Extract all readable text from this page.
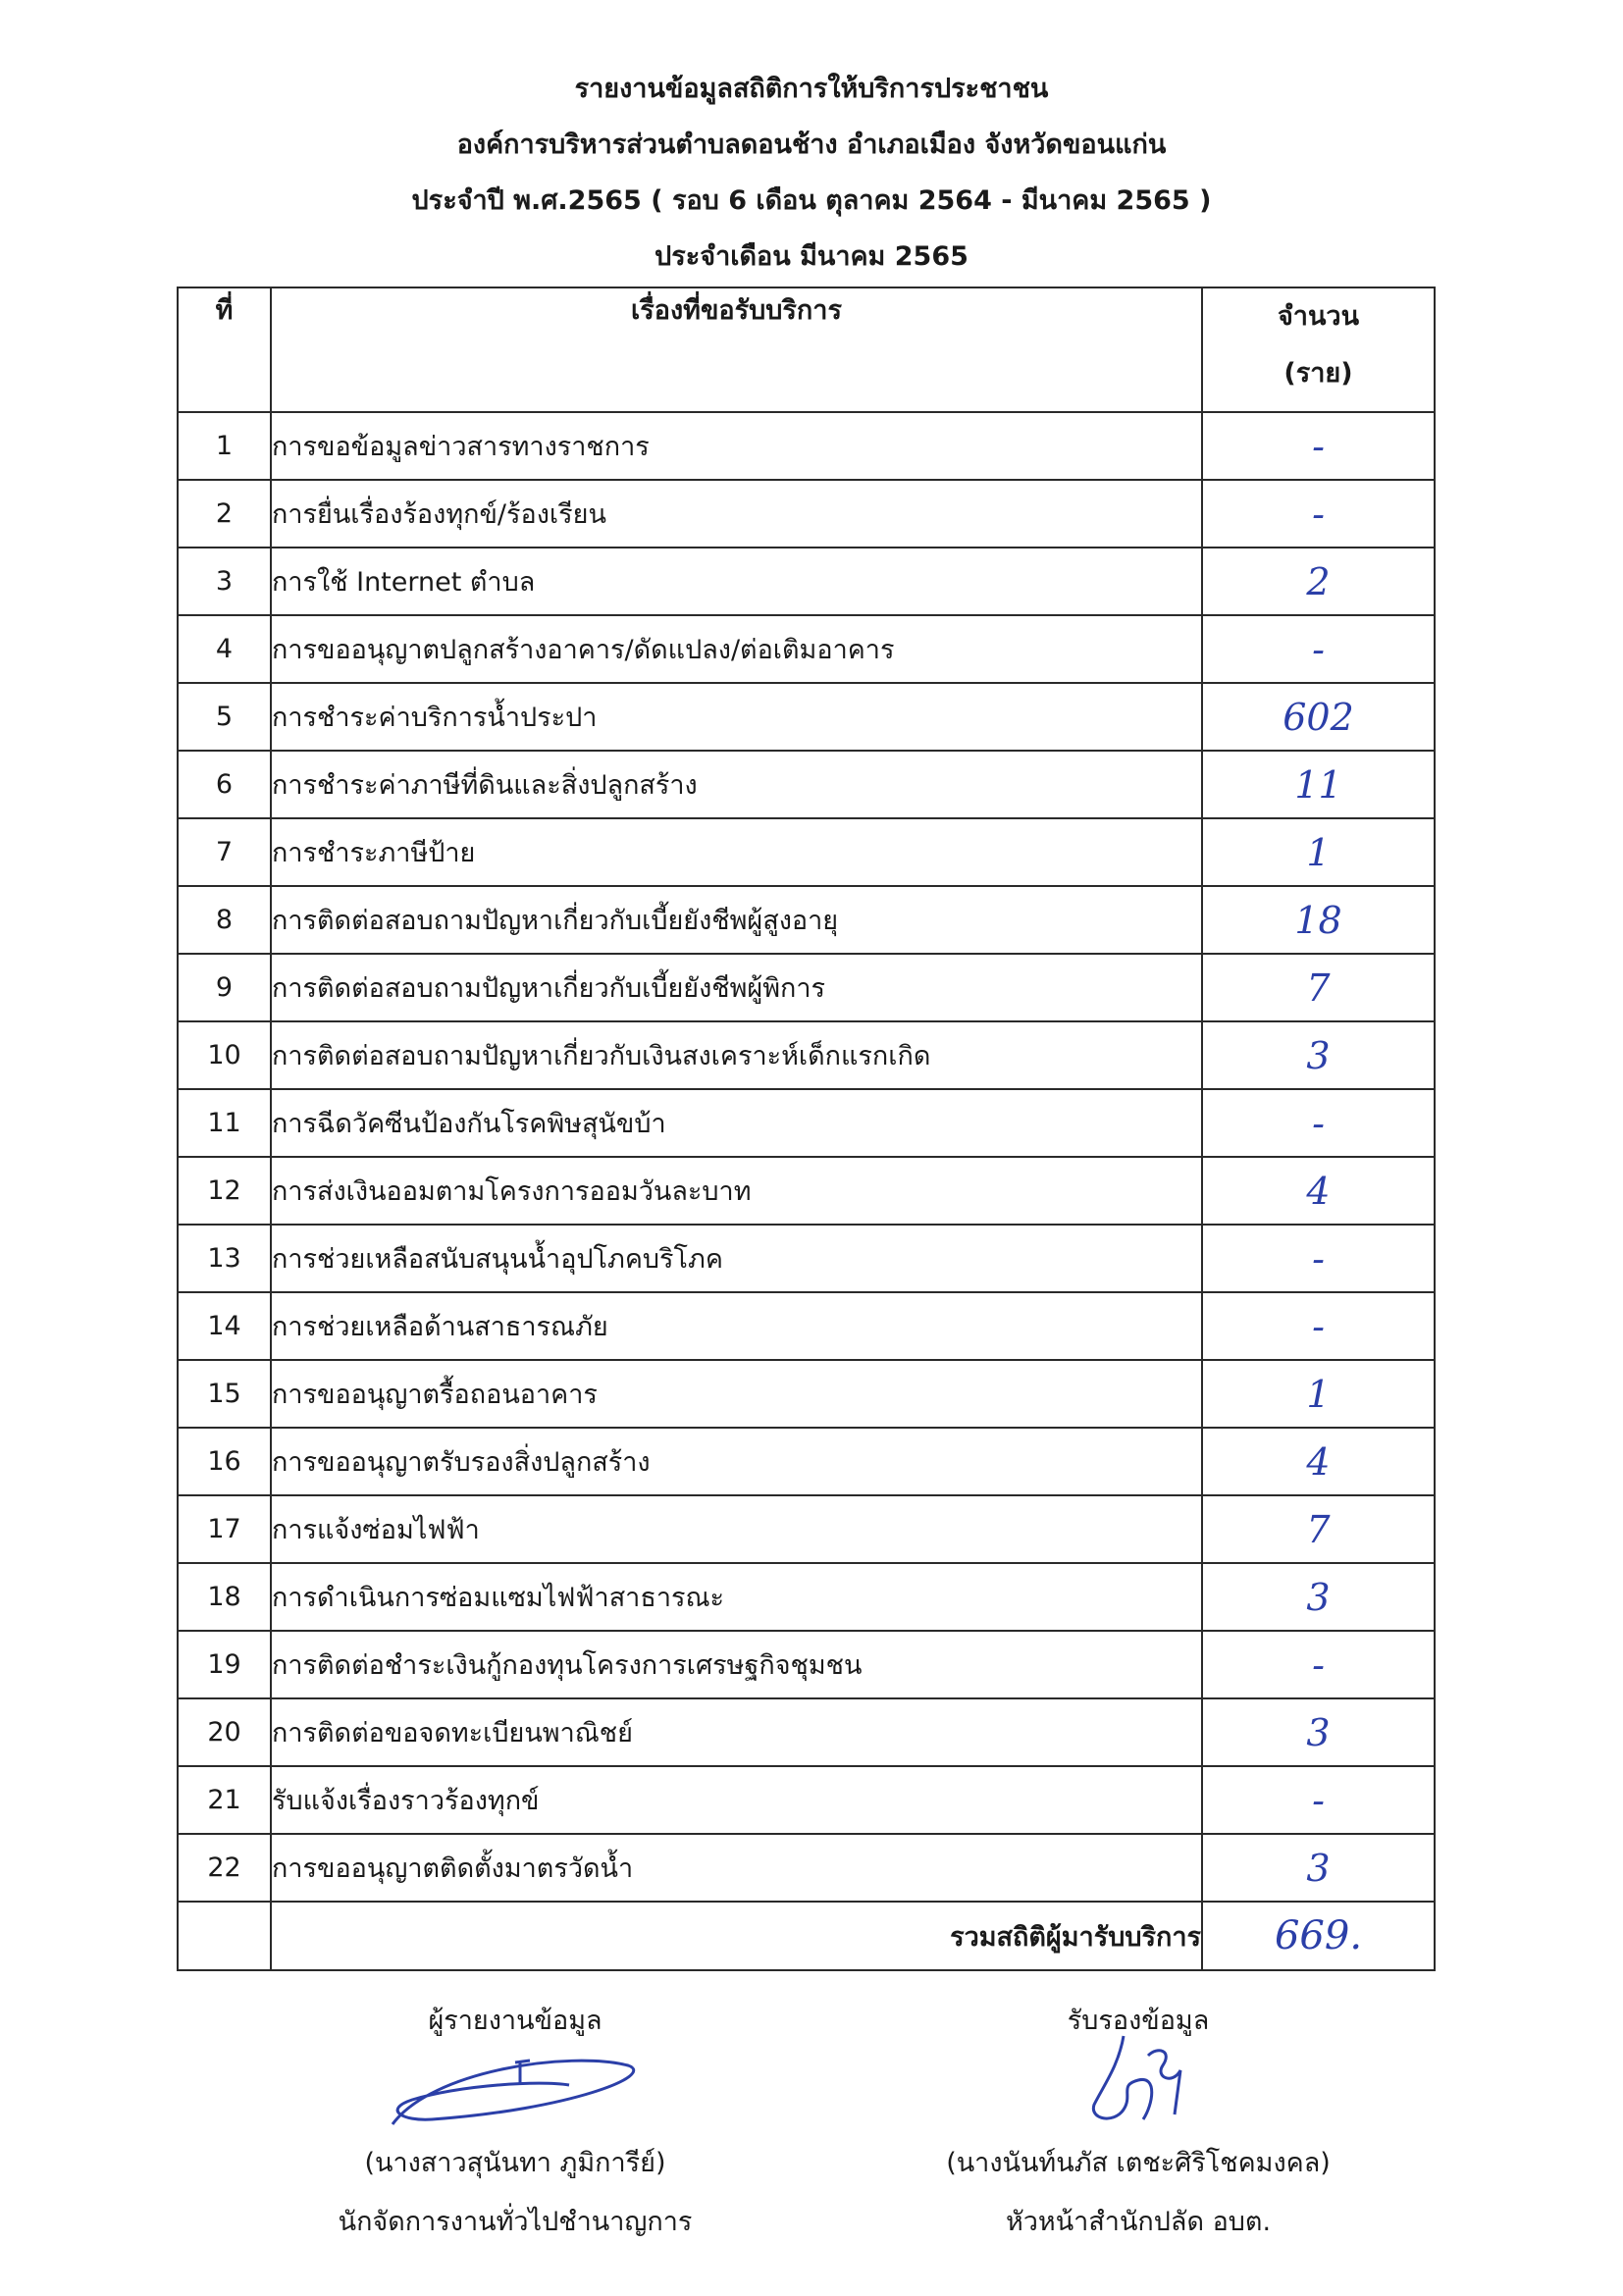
รายงานข้อมูลสถิติการให้บริการประชาชน
องค์การบริหารส่วนตำบลดอนช้าง อำเภอเมือง จังหวัดขอนแก่น
ประจำปี พ.ศ.2565 ( รอบ 6 เดือน ตุลาคม 2564 - มีนาคม 2565 )
ประจำเดือน มีนาคม 2565
ที่	เรื่องที่ขอรับบริการ	จำนวน
(ราย)

1	การขอข้อมูลข่าวสารทางราชการ	-
2	การยื่นเรื่องร้องทุกข์/ร้องเรียน	-
3	การใช้ Internet ตำบล	2
4	การขออนุญาตปลูกสร้างอาคาร/ดัดแปลง/ต่อเติมอาคาร	-
5	การชำระค่าบริการน้ำประปา	602
6	การชำระค่าภาษีที่ดินและสิ่งปลูกสร้าง	11
7	การชำระภาษีป้าย	1
8	การติดต่อสอบถามปัญหาเกี่ยวกับเบี้ยยังชีพผู้สูงอายุ	18
9	การติดต่อสอบถามปัญหาเกี่ยวกับเบี้ยยังชีพผู้พิการ	7
10	การติดต่อสอบถามปัญหาเกี่ยวกับเงินสงเคราะห์เด็กแรกเกิด	3
11	การฉีดวัคซีนป้องกันโรคพิษสุนัขบ้า	-
12	การส่งเงินออมตามโครงการออมวันละบาท	4
13	การช่วยเหลือสนับสนุนน้ำอุปโภคบริโภค	-
14	การช่วยเหลือด้านสาธารณภัย	-
15	การขออนุญาตรื้อถอนอาคาร	1
16	การขออนุญาตรับรองสิ่งปลูกสร้าง	4
17	การแจ้งซ่อมไฟฟ้า	7
18	การดำเนินการซ่อมแซมไฟฟ้าสาธารณะ	3
19	การติดต่อชำระเงินกู้กองทุนโครงการเศรษฐกิจชุมชน	-
20	การติดต่อขอจดทะเบียนพาณิชย์	3
21	รับแจ้งเรื่องราวร้องทุกข์	-
22	การขออนุญาตติดตั้งมาตรวัดน้ำ	3
	รวมสถิติผู้มารับบริการ	669.
ผู้รายงานข้อมูล
(นางสาวสุนันทา ภูมิการีย์)
นักจัดการงานทั่วไปชำนาญการ
รับรองข้อมูล
(นางนันท์นภัส เตชะศิริโชคมงคล)
หัวหน้าสำนักปลัด อบต.
